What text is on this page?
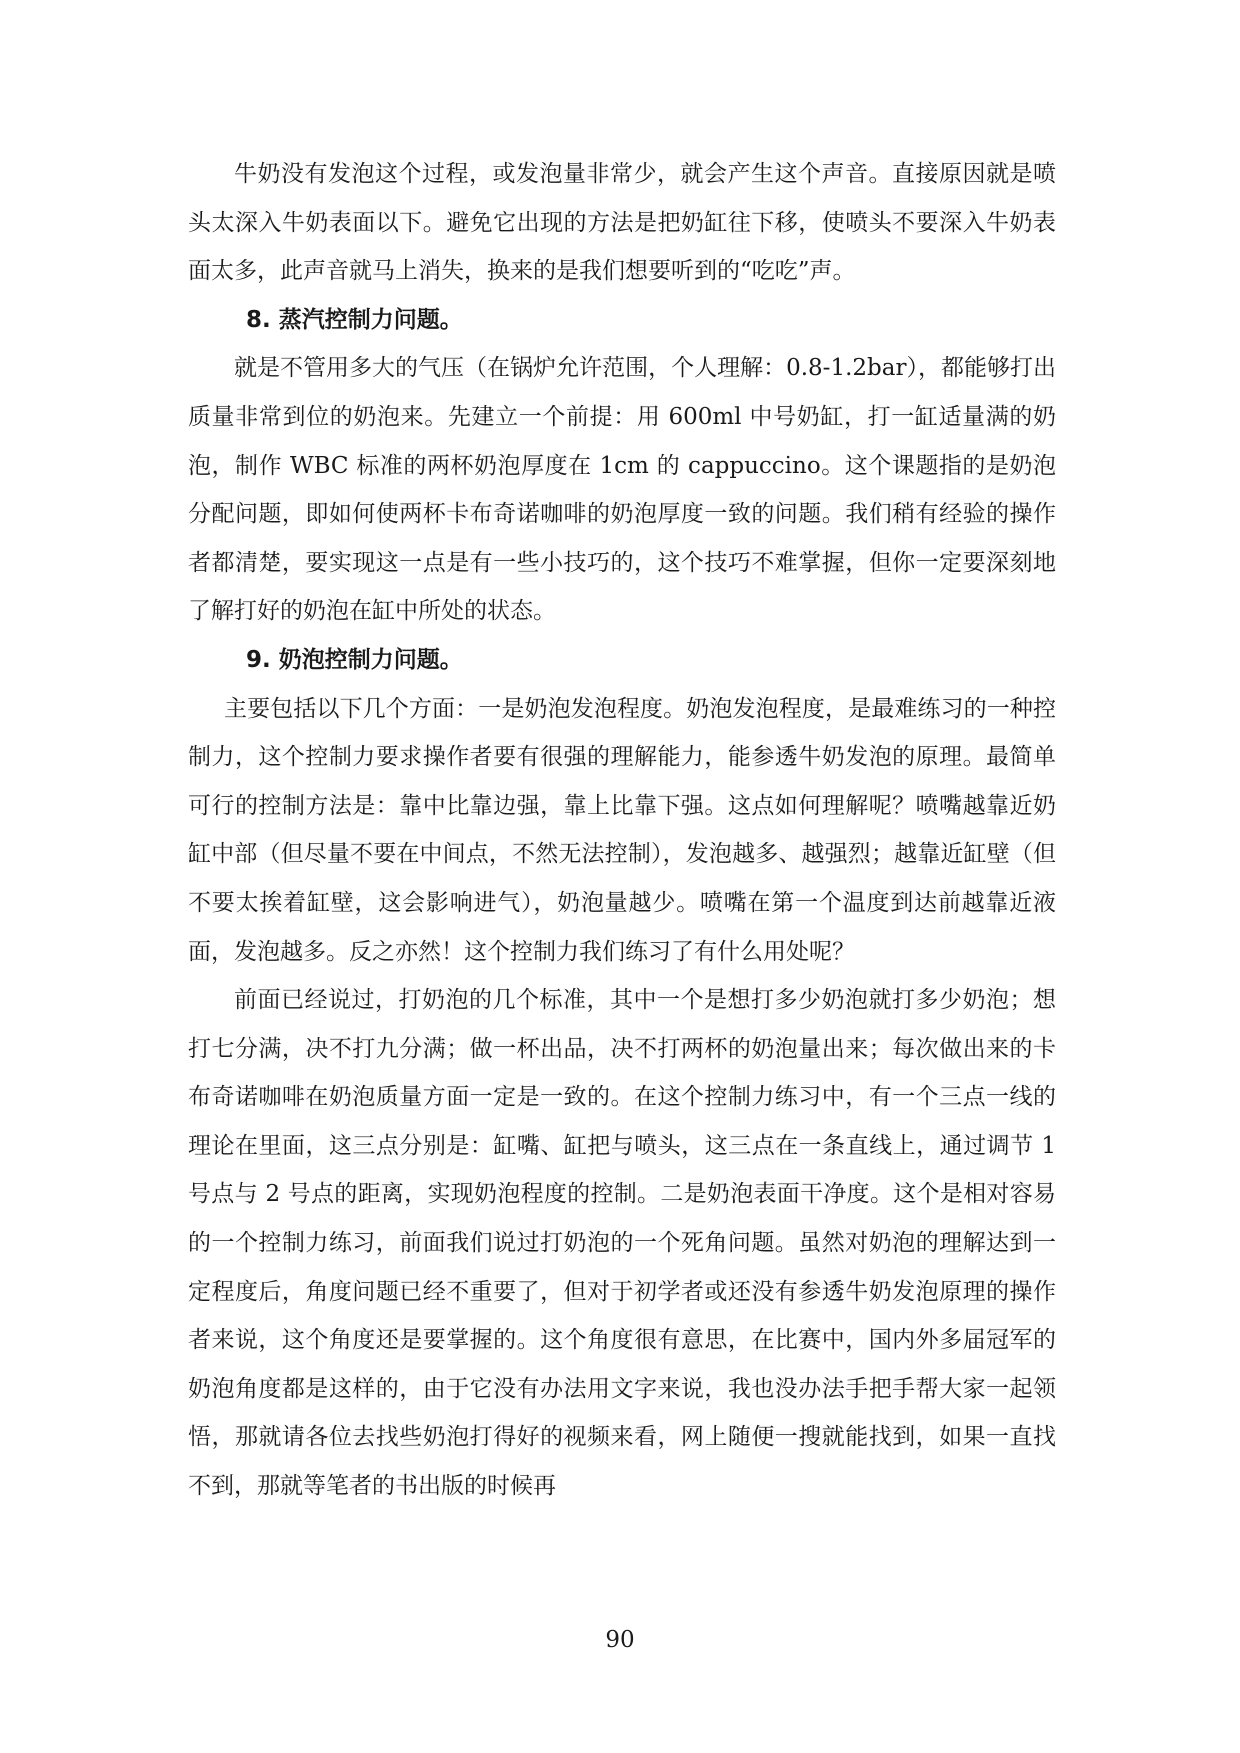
牛奶没有发泡这个过程，或发泡量非常少，就会产生这个声音。直接原因就是喷头太深入牛奶表面以下。避免它出现的方法是把奶缸往下移，使喷头不要深入牛奶表面太多，此声音就马上消失，换来的是我们想要听到的“吃吃”声。

8. 蒸汽控制力问题。

就是不管用多大的气压（在锅炉允许范围，个人理解：0.8-1.2bar），都能够打出质量非常到位的奶泡来。先建立一个前提：用 600ml 中号奶缸，打一缸适量满的奶泡，制作 WBC 标准的两杯奶泡厚度在 1cm 的 cappuccino。这个课题指的是奶泡分配问题，即如何使两杯卡布奇诺咖啡的奶泡厚度一致的问题。我们稍有经验的操作者都清楚，要实现这一点是有一些小技巧的，这个技巧不难掌握，但你一定要深刻地了解打好的奶泡在缸中所处的状态。

9. 奶泡控制力问题。

主要包括以下几个方面：一是奶泡发泡程度。奶泡发泡程度，是最难练习的一种控制力，这个控制力要求操作者要有很强的理解能力，能参透牛奶发泡的原理。最简单可行的控制方法是：靠中比靠边强，靠上比靠下强。这点如何理解呢？喷嘴越靠近奶缸中部（但尽量不要在中间点，不然无法控制），发泡越多、越强烈；越靠近缸壁（但不要太挨着缸壁，这会影响进气），奶泡量越少。喷嘴在第一个温度到达前越靠近液面，发泡越多。反之亦然！这个控制力我们练习了有什么用处呢？

前面已经说过，打奶泡的几个标准，其中一个是想打多少奶泡就打多少奶泡；想打七分满，决不打九分满；做一杯出品，决不打两杯的奶泡量出来；每次做出来的卡布奇诺咖啡在奶泡质量方面一定是一致的。在这个控制力练习中，有一个三点一线的理论在里面，这三点分别是：缸嘴、缸把与喷头，这三点在一条直线上，通过调节 1 号点与 2 号点的距离，实现奶泡程度的控制。二是奶泡表面干净度。这个是相对容易的一个控制力练习，前面我们说过打奶泡的一个死角问题。虽然对奶泡的理解达到一定程度后，角度问题已经不重要了，但对于初学者或还没有参透牛奶发泡原理的操作者来说，这个角度还是要掌握的。这个角度很有意思，在比赛中，国内外多届冠军的奶泡角度都是这样的，由于它没有办法用文字来说，我也没办法手把手帮大家一起领悟，那就请各位去找些奶泡打得好的视频来看，网上随便一搜就能找到，如果一直找不到，那就等笔者的书出版的时候再

90
